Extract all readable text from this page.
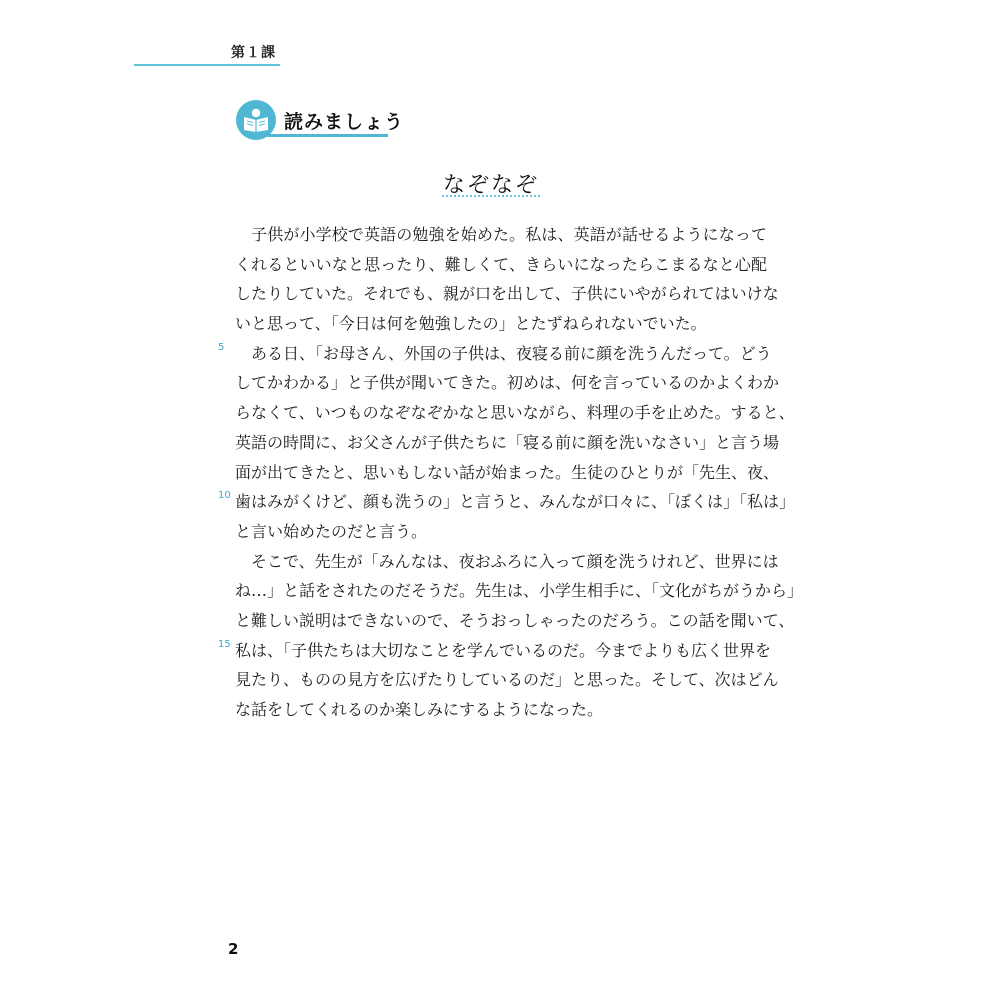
第１課
読みましょう
なぞなぞ
　子供が小学校で英語の勉強を始めた。私は、英語が話せるようになって
くれるといいなと思ったり、難しくて、きらいになったらこまるなと心配
したりしていた。それでも、親が口を出して、子供にいやがられてはいけな
いと思って、「今日は何を勉強したの」とたずねられないでいた。
5 　ある日、「お母さん、外国の子供は、夜寝る前に顔を洗うんだって。どう
してかわかる」と子供が聞いてきた。初めは、何を言っているのかよくわか
らなくて、いつものなぞなぞかなと思いながら、料理の手を止めた。すると、
英語の時間に、お父さんが子供たちに「寝る前に顔を洗いなさい」と言う場
面が出てきたと、思いもしない話が始まった。生徒のひとりが「先生、夜、
10 歯はみがくけど、顔も洗うの」と言うと、みんなが口々に、「ぼくは」「私は」
と言い始めたのだと言う。
　そこで、先生が「みんなは、夜おふろに入って顔を洗うけれど、世界には
ね…」と話をされたのだそうだ。先生は、小学生相手に、「文化がちがうから」
と難しい説明はできないので、そうおっしゃったのだろう。この話を聞いて、
15 私は、「子供たちは大切なことを学んでいるのだ。今までよりも広く世界を
見たり、ものの見方を広げたりしているのだ」と思った。そして、次はどん
な話をしてくれるのか楽しみにするようになった。
2
